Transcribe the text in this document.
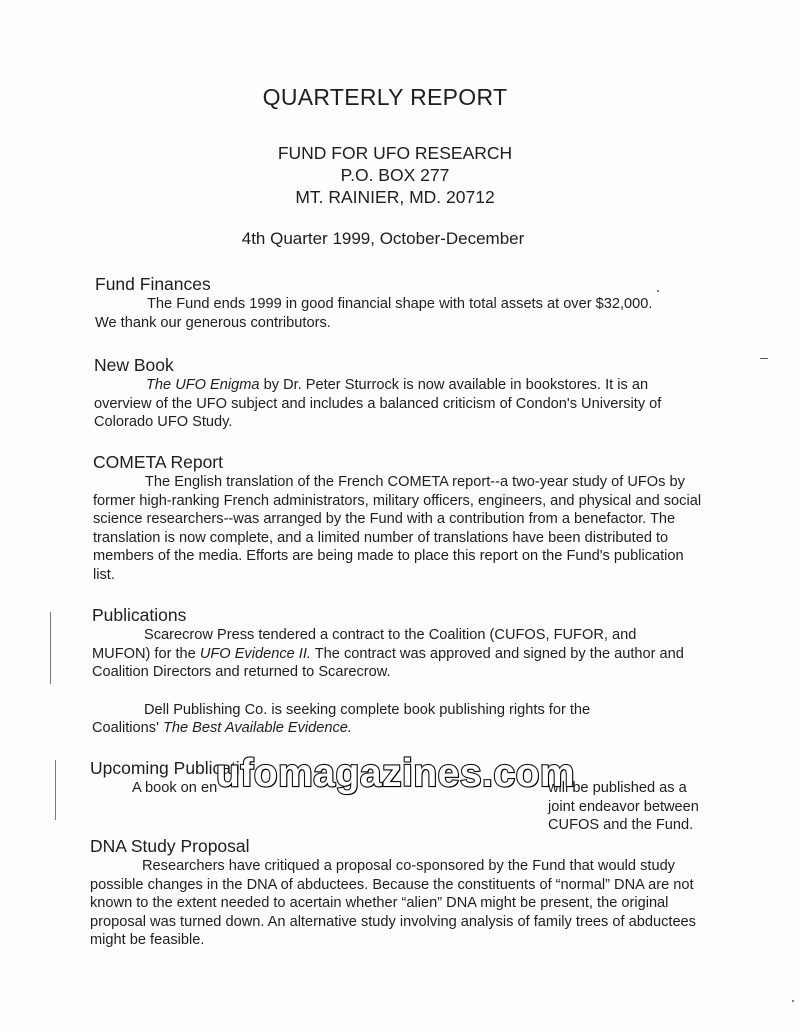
QUARTERLY REPORT
FUND FOR UFO RESEARCH
P.O. BOX 277
MT. RAINIER, MD. 20712
4th Quarter 1999, October-December
Fund Finances

The Fund ends 1999 in good financial shape with total assets at over $32,000.
We thank our generous contributors.

New Book

The UFO Enigma by Dr. Peter Sturrock is now available in bookstores. It is an overview of the UFO subject and includes a balanced criticism of Condon's University of Colorado UFO Study.

COMETA Report

The English translation of the French COMETA report--a two-year study of UFOs by former high-ranking French administrators, military officers, engineers, and physical and social science researchers--was arranged by the Fund with a contribution from a benefactor. The translation is now complete, and a limited number of translations have been distributed to members of the media. Efforts are being made to place this report on the Fund's publication list.

Publications

Scarecrow Press tendered a contract to the Coalition (CUFOS, FUFOR, and MUFON) for the UFO Evidence II. The contract was approved and signed by the author and Coalition Directors and returned to Scarecrow.

Dell Publishing Co. is seeking complete book publishing rights for the Coalitions' The Best Available Evidence.

Upcoming Publicati

A book on en	will be published as a joint endeavor between CUFOS and the Fund.

DNA Study Proposal

Researchers have critiqued a proposal co-sponsored by the Fund that would study possible changes in the DNA of abductees. Because the constituents of “normal” DNA are not known to the extent needed to acertain whether “alien” DNA might be present, the original proposal was turned down. An alternative study involving analysis of family trees of abductees might be feasible.

ufomagazines.com
